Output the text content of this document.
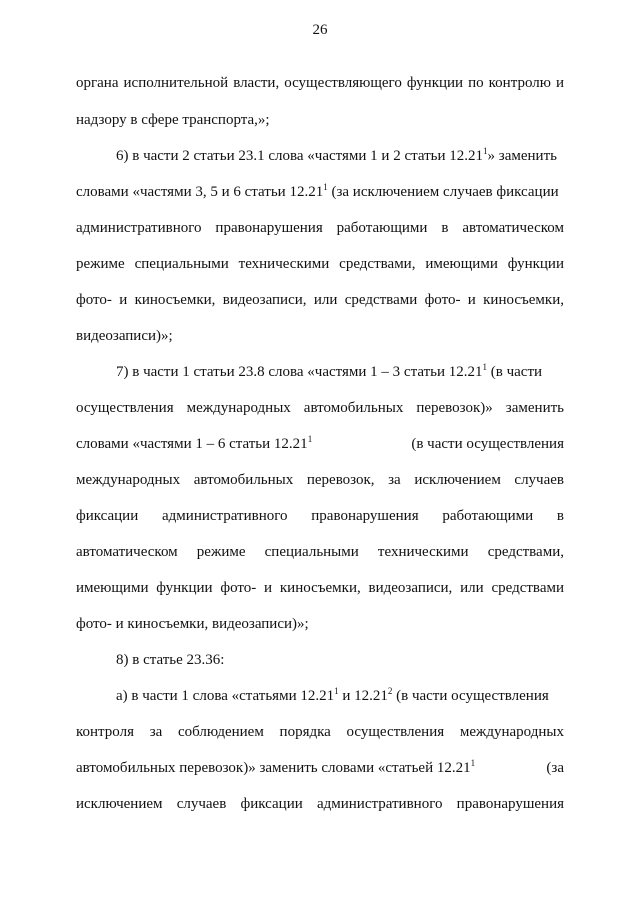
26
органа исполнительной власти, осуществляющего функции по контролю и
надзору в сфере транспорта,»;
6) в части 2 статьи 23.1 слова «частями 1 и 2 статьи 12.21$^1$» заменить
словами «частями 3, 5 и 6 статьи 12.21$^1$ (за исключением случаев фиксации
административного правонарушения работающими в автоматическом
режиме специальными техническими средствами, имеющими функции
фото- и киносъемки, видеозаписи, или средствами фото- и киносъемки,
видеозаписи)»;
7) в части 1 статьи 23.8 слова «частями 1 – 3 статьи 12.21$^1$ (в части
осуществления международных автомобильных перевозок)» заменить
словами «частями 1 – 6 статьи 12.21$^1$	(в части осуществления
международных автомобильных перевозок, за исключением случаев
фиксации административного правонарушения работающими в
автоматическом режиме специальными техническими средствами,
имеющими функции фото- и киносъемки, видеозаписи, или средствами
фото- и киносъемки, видеозаписи)»;
8) в статье 23.36:
а) в части 1 слова «статьями 12.21$^1$ и 12.21$^2$ (в части осуществления
контроля за соблюдением порядка осуществления международных
автомобильных перевозок)» заменить словами «статьей 12.21$^1$	(за
исключением случаев фиксации административного правонарушения
